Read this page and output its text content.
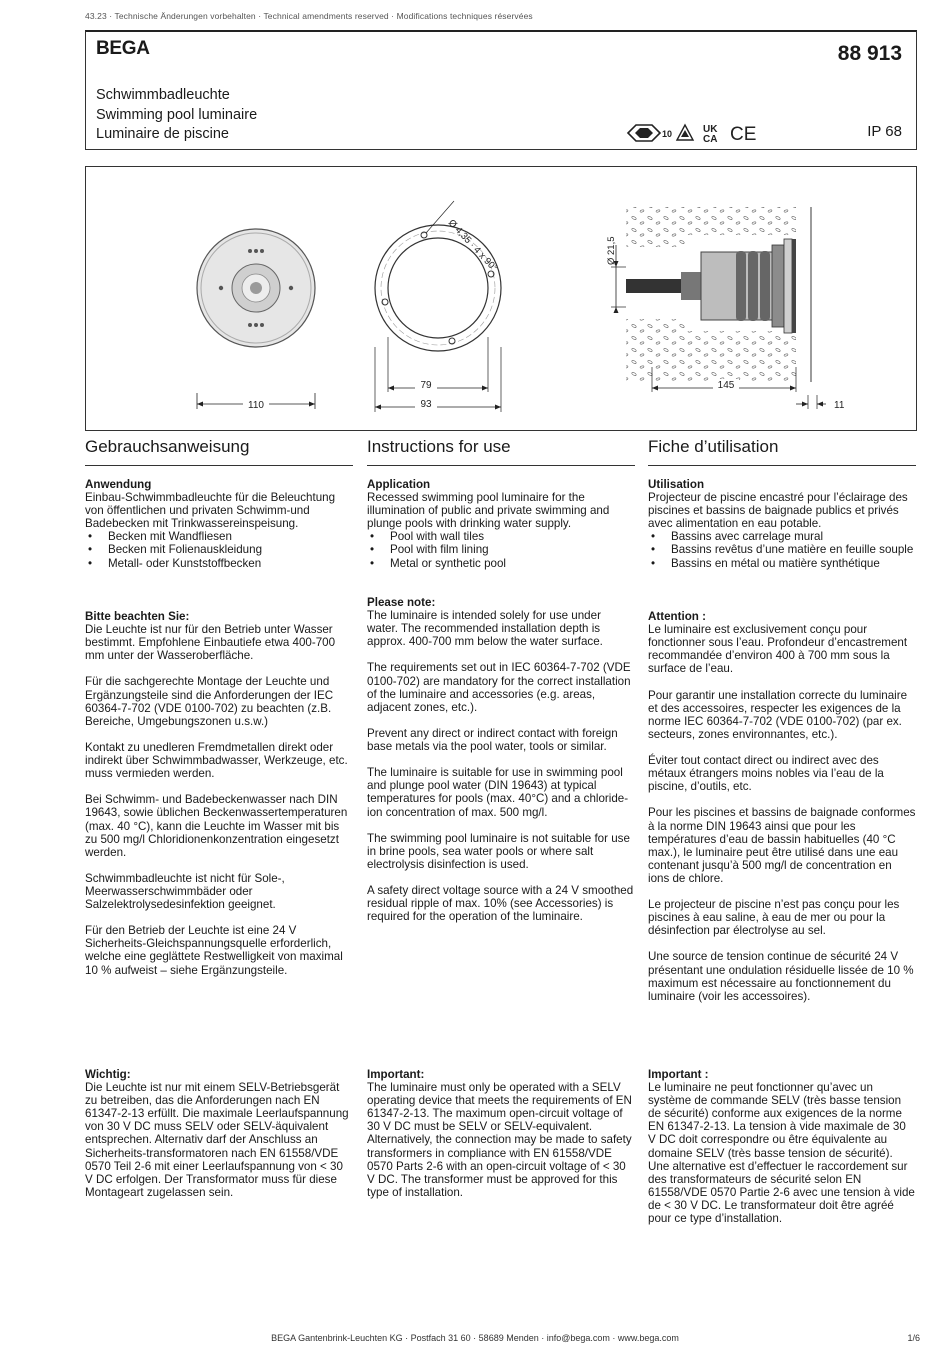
43.23 · Technische Änderungen vorbehalten · Technical amendments reserved · Modifications techniques réservées
BEGA	88 913
Schwimmbadleuchte
Swimming pool luminaire
Luminaire de piscine	10	UK
CA CE	IP 68
110
Ø 4,35 · 4 x 90°
79
93
Ø 21,5
145
11
Gebrauchsanweisung
Anwendung

Einbau-Schwimmbadleuchte für die Beleuchtung von öffentlichen und privaten Schwimm-und Badebecken mit Trinkwassereinspeisung.

• Becken mit Wandfliesen
• Becken mit Folienauskleidung
• Metall- oder Kunststoffbecken
Bitte beachten Sie:

Die Leuchte ist nur für den Betrieb unter Wasser bestimmt. Empfohlene Einbautiefe etwa 400-700 mm unter der Wasseroberfläche.

Für die sachgerechte Montage der Leuchte und Ergänzungsteile sind die Anforderungen der IEC 60364-7-702 (VDE 0100-702) zu beachten (z.B. Bereiche, Umgebungszonen u.s.w.)

Kontakt zu unedleren Fremdmetallen direkt oder indirekt über Schwimmbadwasser, Werkzeuge, etc. muss vermieden werden.

Bei Schwimm- und Badebeckenwasser nach DIN 19643, sowie üblichen Beckenwassertemperaturen (max. 40 °C), kann die Leuchte im Wasser mit bis zu 500 mg/l Chloridionenkonzentration eingesetzt werden.

Schwimmbadleuchte ist nicht für Sole-, Meerwasserschwimmbäder oder Salzelektrolysedesinfektion geeignet.

Für den Betrieb der Leuchte ist eine 24 V Sicherheits-Gleichspannungsquelle erforderlich, welche eine geglättete Restwelligkeit von maximal 10 % aufweist – siehe Ergänzungsteile.

Wichtig:

Die Leuchte ist nur mit einem SELV-Betriebsgerät zu betreiben, das die Anforderungen nach EN 61347-2-13 erfüllt. Die maximale Leerlaufspannung von 30 V DC muss SELV oder SELV-äquivalent entsprechen. Alternativ darf der Anschluss an Sicherheits-transformatoren nach EN 61558/VDE 0570 Teil 2-6 mit einer Leerlaufspannung von < 30 V DC erfolgen. Der Transformator muss für diese Montageart zugelassen sein.

Instructions for use
Application

Recessed swimming pool luminaire for the illumination of public and private swimming and plunge pools with drinking water supply.

• Pool with wall tiles
• Pool with film lining
• Metal or synthetic pool
Please note:

The luminaire is intended solely for use under water. The recommended installation depth is approx. 400-700 mm below the water surface.

The requirements set out in IEC 60364-7-702 (VDE 0100-702) are mandatory for the correct installation of the luminaire and accessories (e.g. areas, adjacent zones, etc.).

Prevent any direct or indirect contact with foreign base metals via the pool water, tools or similar.

The luminaire is suitable for use in swimming pool and plunge pool water (DIN 19643) at typical temperatures for pools (max. 40°C) and a chloride-ion concentration of max. 500 mg/l.

The swimming pool luminaire is not suitable for use in brine pools, sea water pools or where salt electrolysis disinfection is used.

A safety direct voltage source with a 24 V smoothed residual ripple of max. 10% (see Accessories) is required for the operation of the luminaire.

Important:

The luminaire must only be operated with a SELV operating device that meets the requirements of EN 61347-2-13. The maximum open-circuit voltage of 30 V DC must be SELV or SELV-equivalent. Alternatively, the connection may be made to safety transformers in compliance with EN 61558/VDE 0570 Parts 2-6 with an open-circuit voltage of < 30 V DC. The transformer must be approved for this type of installation.

Fiche d’utilisation
Utilisation

Projecteur de piscine encastré pour l’éclairage des piscines et bassins de baignade publics et privés avec alimentation en eau potable.

• Bassins avec carrelage mural
• Bassins revêtus d’une matière en feuille souple
• Bassins en métal ou matière synthétique
Attention :

Le luminaire est exclusivement conçu pour fonctionner sous l’eau. Profondeur d’encastrement recommandée d’environ 400 à 700 mm sous la surface de l’eau.

Pour garantir une installation correcte du luminaire et des accessoires, respecter les exigences de la norme IEC 60364-7-702 (VDE 0100-702) (par ex. secteurs, zones environnantes, etc.).

Éviter tout contact direct ou indirect avec des métaux étrangers moins nobles via l’eau de la piscine, d’outils, etc.

Pour les piscines et bassins de baignade conformes à la norme DIN 19643 ainsi que pour les températures d’eau de bassin habituelles (40 °C max.), le luminaire peut être utilisé dans une eau contenant jusqu’à 500 mg/l de concentration en ions de chlore.

Le projecteur de piscine n’est pas conçu pour les piscines à eau saline, à eau de mer ou pour la désinfection par électrolyse au sel.

Une source de tension continue de sécurité 24 V présentant une ondulation résiduelle lissée de 10 % maximum est nécessaire au fonctionnement du luminaire (voir les accessoires).

Important :

Le luminaire ne peut fonctionner qu’avec un système de commande SELV (très basse tension de sécurité) conforme aux exigences de la norme EN 61347-2-13. La tension à vide maximale de 30 V DC doit correspondre ou être équivalente au domaine SELV (très basse tension de sécurité). Une alternative est d’effectuer le raccordement sur des transformateurs de sécurité selon EN 61558/VDE 0570 Partie 2-6 avec une tension à vide de < 30 V DC. Le transformateur doit être agréé pour ce type d’installation.

BEGA Gantenbrink-Leuchten KG · Postfach 31 60 · 58689 Menden · info@bega.com · www.bega.com	1/6
